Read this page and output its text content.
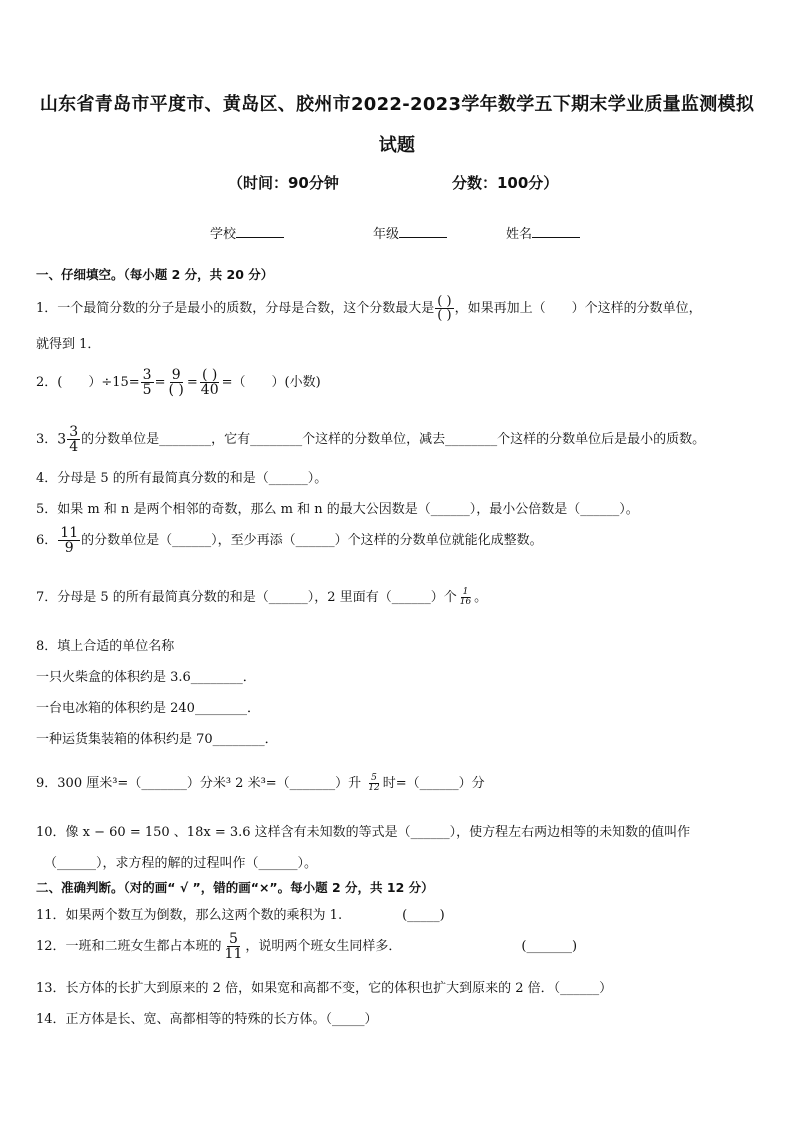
山东省青岛市平度市、黄岛区、胶州市2022-2023学年数学五下期末学业质量监测模拟
试题
（时间：90分钟	分数：100分）
学校	年级	姓名
一、仔细填空。（每小题 2 分，共 20 分）
1．一个最简分数的分子是最小的质数，分母是合数，这个分数最大是 $\frac{( )}{( )}$ ，如果再加上（　　）个这样的分数单位，
就得到 1．
2．(　　）$\div 15= \frac{3}{5} = \frac{9}{( )} = \frac{( )}{40}$ =（　　）(小数)
3．$3 \frac{3}{4}$ 的分数单位是________，它有________个这样的分数单位，减去________个这样的分数单位后是最小的质数。
4．分母是 5 的所有最简真分数的和是（______）。
5．如果 m 和 n 是两个相邻的奇数，那么 m 和 n 的最大公因数是（______），最小公倍数是（______）。
6． $\frac{11}{9}$ 的分数单位是（______），至少再添（______）个这样的分数单位就能化成整数。
7．分母是 5 的所有最简真分数的和是（______），2 里面有（______）个 $\frac{1}{16}$ 。
8．填上合适的单位名称
一只火柴盒的体积约是 3.6________．
一台电冰箱的体积约是 240________．
一种运货集装箱的体积约是 70________．
9．300 厘米³=（_______）分米³ 2 米³=（_______）升 $\frac{5}{12}$ 时=（______）分
10．像 x − 60 = 150 、18x = 3.6 这样含有未知数的等式是（______），使方程左右两边相等的未知数的值叫作
（______），求方程的解的过程叫作（______）。
二、准确判断。（对的画“ √ ”，错的画“×”。每小题 2 分，共 12 分）
11．如果两个数互为倒数，那么这两个数的乘积为 1.	(_____)
12．一班和二班女生都占本班的 $\frac{5}{11}$ ，说明两个班女生同样多．	(_______)
13．长方体的长扩大到原来的 2 倍，如果宽和高都不变，它的体积也扩大到原来的 2 倍．（______）
14．正方体是长、宽、高都相等的特殊的长方体。（_____）
